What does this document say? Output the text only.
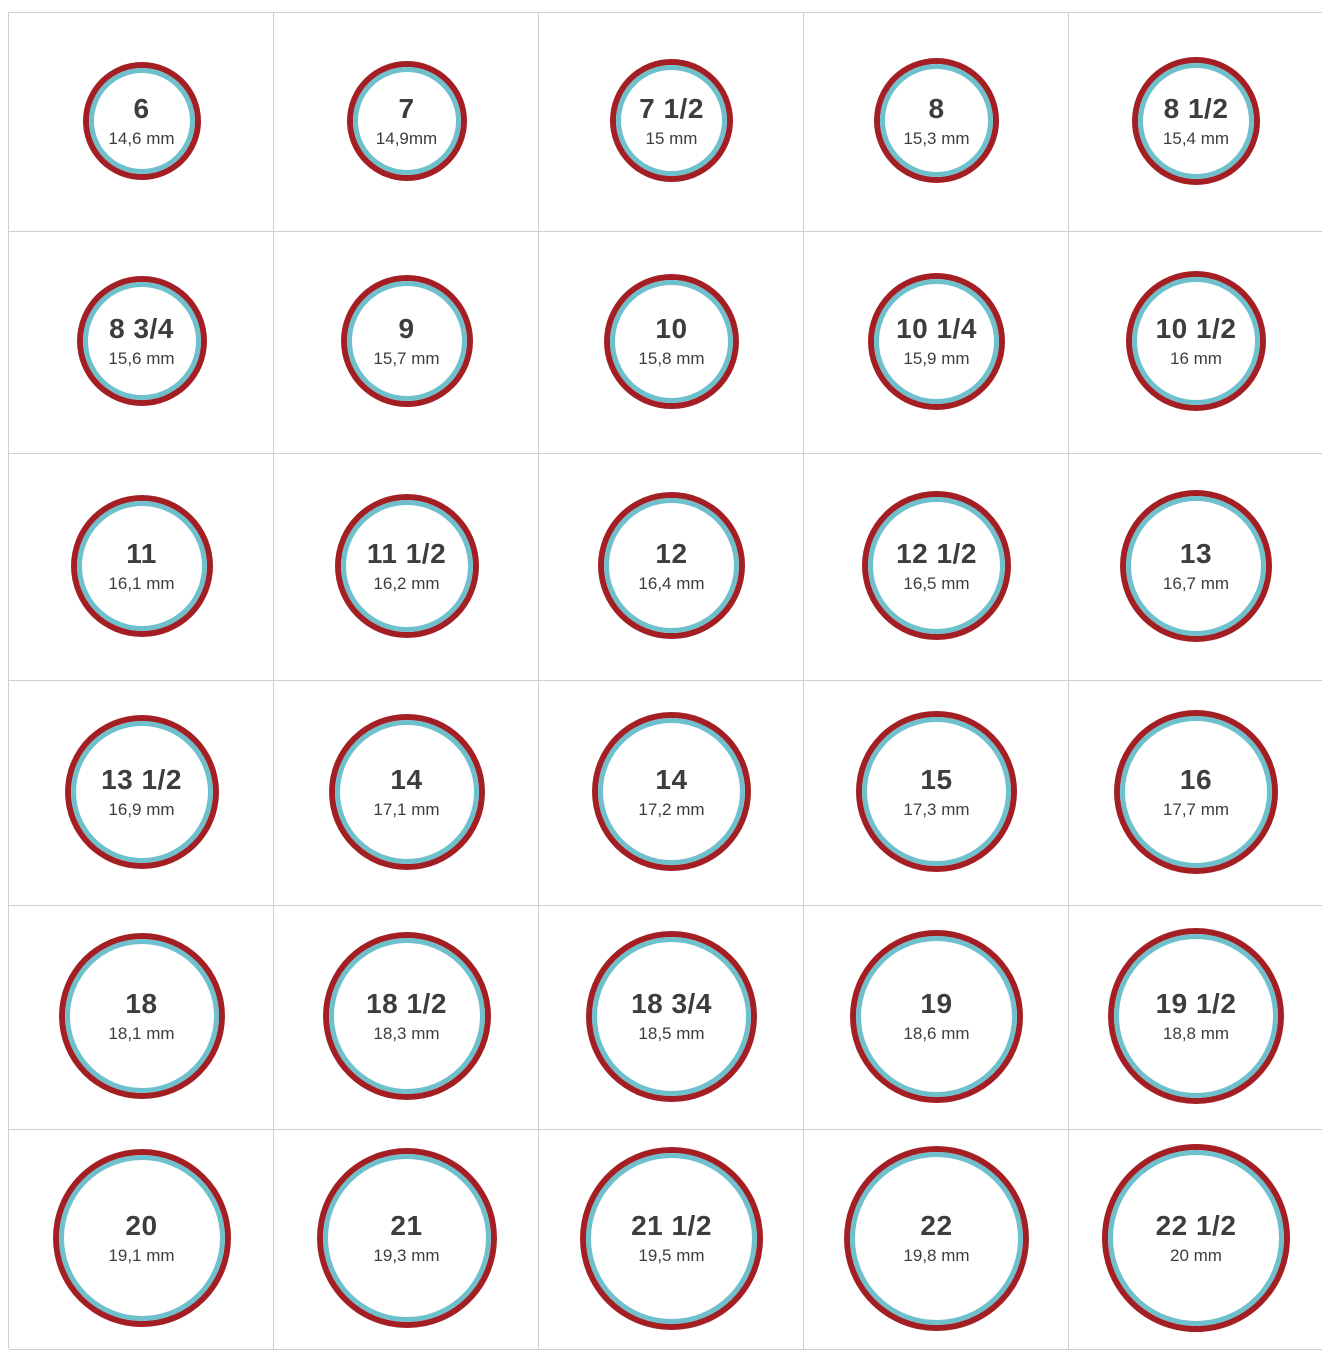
6
14,6 mm
7
14,9mm
7 1/2
15 mm
8
15,3 mm
8 1/2
15,4 mm
8 3/4
15,6 mm
9
15,7 mm
10
15,8 mm
10 1/4
15,9 mm
10 1/2
16 mm
11
16,1 mm
11 1/2
16,2 mm
12
16,4 mm
12 1/2
16,5 mm
13
16,7 mm
13 1/2
16,9 mm
14
17,1 mm
14
17,2 mm
15
17,3 mm
16
17,7 mm
18
18,1 mm
18 1/2
18,3 mm
18 3/4
18,5 mm
19
18,6 mm
19 1/2
18,8 mm
20
19,1 mm
21
19,3 mm
21 1/2
19,5 mm
22
19,8 mm
22 1/2
20 mm
